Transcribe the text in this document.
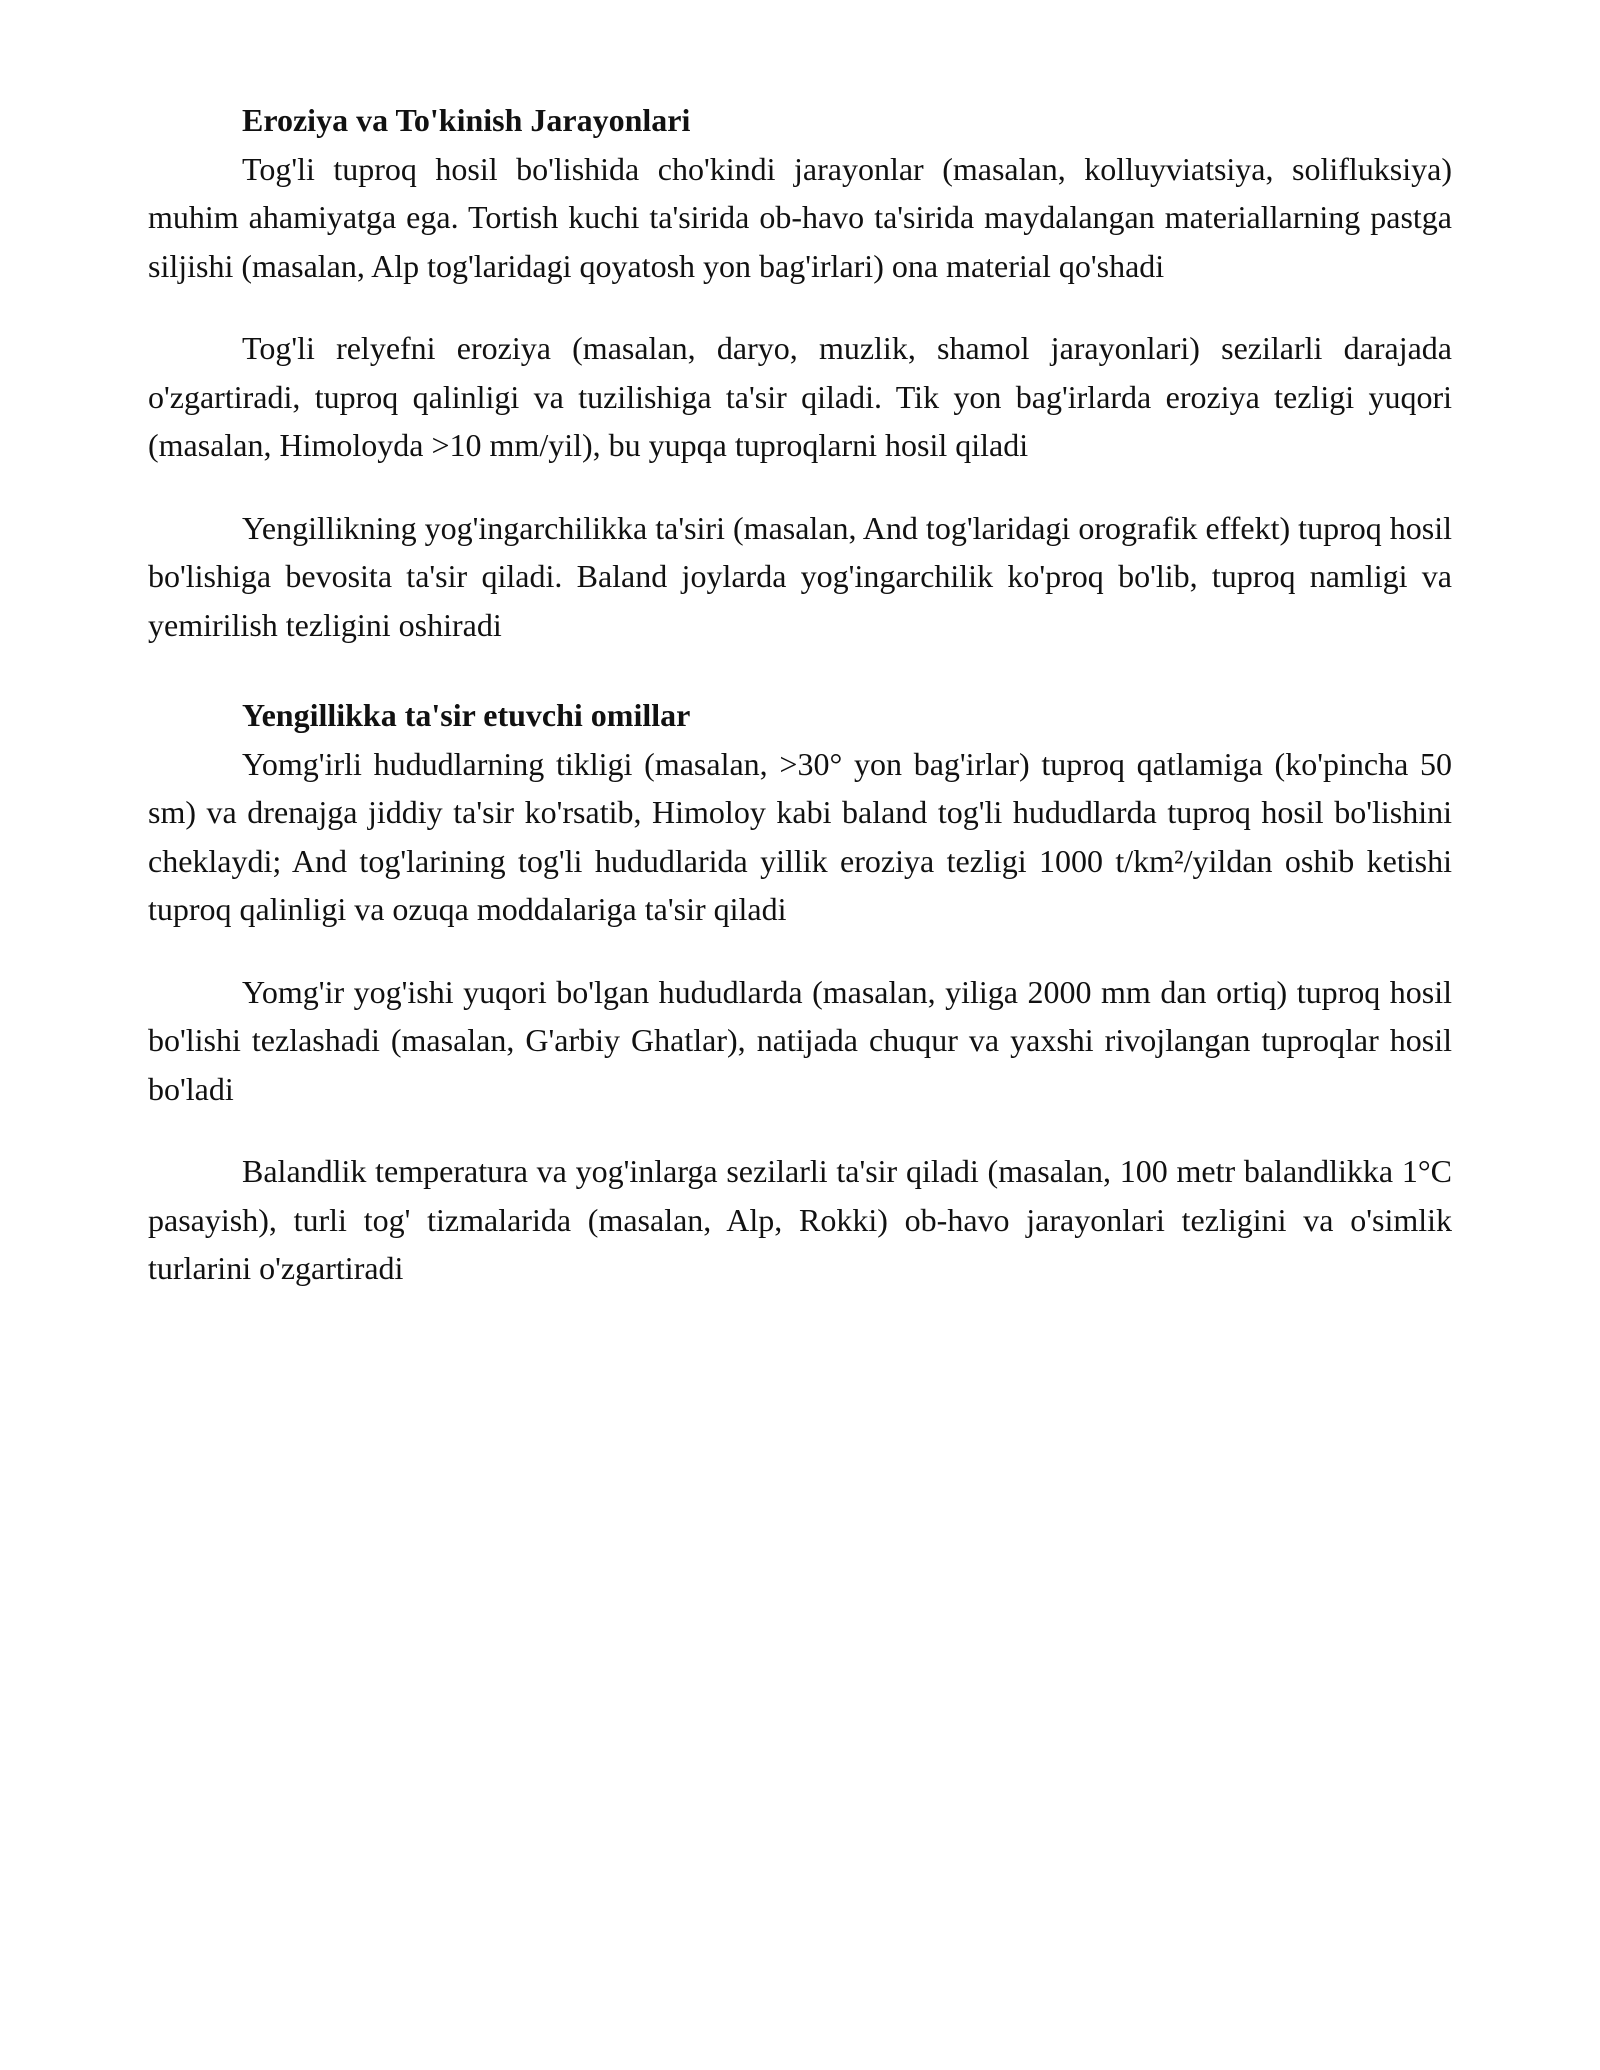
Eroziya va To'kinish Jarayonlari

Tog'li tuproq hosil bo'lishida cho'kindi jarayonlar (masalan, kolluyviatsiya, solifluksiya) muhim ahamiyatga ega. Tortish kuchi ta'sirida ob-havo ta'sirida maydalangan materiallarning pastga siljishi (masalan, Alp tog'laridagi qoyatosh yon bag'irlari) ona material qo'shadi

Tog'li relyefni eroziya (masalan, daryo, muzlik, shamol jarayonlari) sezilarli darajada o'zgartiradi, tuproq qalinligi va tuzilishiga ta'sir qiladi. Tik yon bag'irlarda eroziya tezligi yuqori (masalan, Himoloyda >10 mm/yil), bu yupqa tuproqlarni hosil qiladi

Yengillikning yog'ingarchilikka ta'siri (masalan, And tog'laridagi orografik effekt) tuproq hosil bo'lishiga bevosita ta'sir qiladi. Baland joylarda yog'ingarchilik ko'proq bo'lib, tuproq namligi va yemirilish tezligini oshiradi

Yengillikka ta'sir etuvchi omillar

Yomg'irli hududlarning tikligi (masalan, >30° yon bag'irlar) tuproq qatlamiga (ko'pincha 50 sm) va drenajga jiddiy ta'sir ko'rsatib, Himoloy kabi baland tog'li hududlarda tuproq hosil bo'lishini cheklaydi; And tog'larining tog'li hududlarida yillik eroziya tezligi 1000 t/km²/yildan oshib ketishi tuproq qalinligi va ozuqa moddalariga ta'sir qiladi

Yomg'ir yog'ishi yuqori bo'lgan hududlarda (masalan, yiliga 2000 mm dan ortiq) tuproq hosil bo'lishi tezlashadi (masalan, G'arbiy Ghatlar), natijada chuqur va yaxshi rivojlangan tuproqlar hosil bo'ladi

Balandlik temperatura va yog'inlarga sezilarli ta'sir qiladi (masalan, 100 metr balandlikka 1°C pasayish), turli tog' tizmalarida (masalan, Alp, Rokki) ob-havo jarayonlari tezligini va o'simlik turlarini o'zgartiradi
